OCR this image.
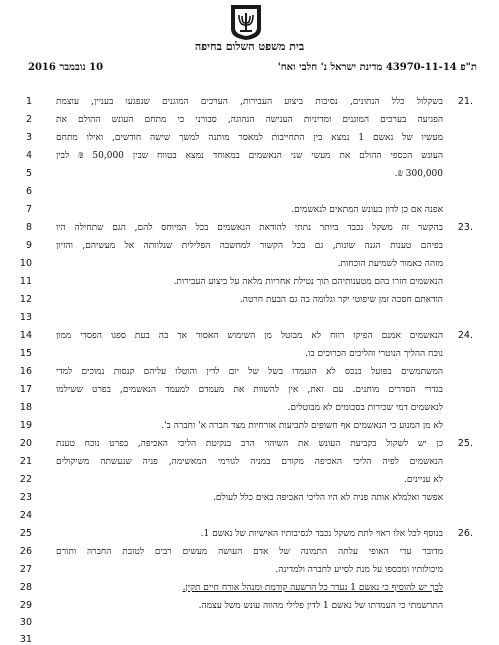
בית משפט השלום בחיפה
ת"פ 43970-11-14 מדינת ישראל נ' חלבי ואח'
10 נובמבר 2016
1
2
3
4
5
6
7
8
9
10
11
12
13
14
15
16
17
18
19
20
21
22
23
24
25
26
27
28
29
30
31
21.
23.
24.
25.
26.
בשקלול כלל הנתונים, נסיבות ביצוע העבירות, הערכים המוגנים שנפגעו בעניין, עוצמת
הפגיעה בערכים המוגנים ומדיניות הענישה הנהוגה, סבורני כי מתחם העונש ההולם את
מעשיו של נאשם 1 נמצא בין התחייבות למאסר מותנה למשך שישה חודשים, ואילו מתחם
העונש הכספי ההולם את מעשי שני הנאשמים במאוחד נמצא בטווח שבין 50,000 ₪ לבין
300,000 ₪.
אפנה אם כן לדון בעונש המתאים לנאשמים.
בהקשר זה משקל נכבד ביותר נתתי להודאת הנאשמים בכל המיוחס להם, הגם שתחילה היו
בפיהם טענות הגנה שונות, גם בכל הקשור למחשבה הפלילית שנלוותה אל מעשיהם, והזיון
מזהה כאמור לשמיעת הוכחות.
הנאשמים חזרו בהם מטענותיהם תוך נטילת אחריות מלאה על ביצוע העבירות.
הודאתם חסכה זמן שיפוטי יקר וגלומה בה גם הבעת חרטה.
הנאשמים אמנם הפיקו רווח לא מבוטל מן השימוש האסור אך בה בעת ספגו הפסדי ממון
נוכח ההליך הנוטרי והליכים הכרוכים בו.
המשתמשים בפועל בנכס לא הועמדו בשל של יום לדין והוטלו עליהם קנסות נמוכים למדי
בגדרי הסדרים מותנים. עם זאת, אין להשוות את מעמדם למעמד הנאשמים, בפרט ששילמו
לנאשמים דמי שכירות בסכומים לא מבוטלים.
לא מן המנוע כי הנאשמים אף חשופים לתביעות אזרחיות מצד חברה א' וחברה ב'.
כן יש לשקול בקביעת העונש את השיהוי הרב בנקיטת הליכי האכיפה, בפרט נוכח טענת
הנאשמים לפיה הליכי האכיפה מקורם במניה לגורמי המאשימה, פניה שנעשתה משיקולים
לא עניינים.
אפשר ואלמלא אותה פניה לא היו הליכי האכיפה באים כלל לעולם.
בנוסף לכל אלו ראוי לתת משקל נכבד לנסיבותיו האישיות של נאשם 1.
מדובר עדי האופי עלתה התמונה של אדם העושה מעשים רבים לטובת החברה ותורם
מיכולותיו ומכספו על מנת לסייע לחברה ולמדינה.
לכך יש להוסיף כי נאשם 1 נעדר כל הרשעה קודמת ומנהל אורח חיים תקין.
התרשמתי כי העמדתו של נאשם 1 לדין פלילי מהווה עונש משל עצמה.
